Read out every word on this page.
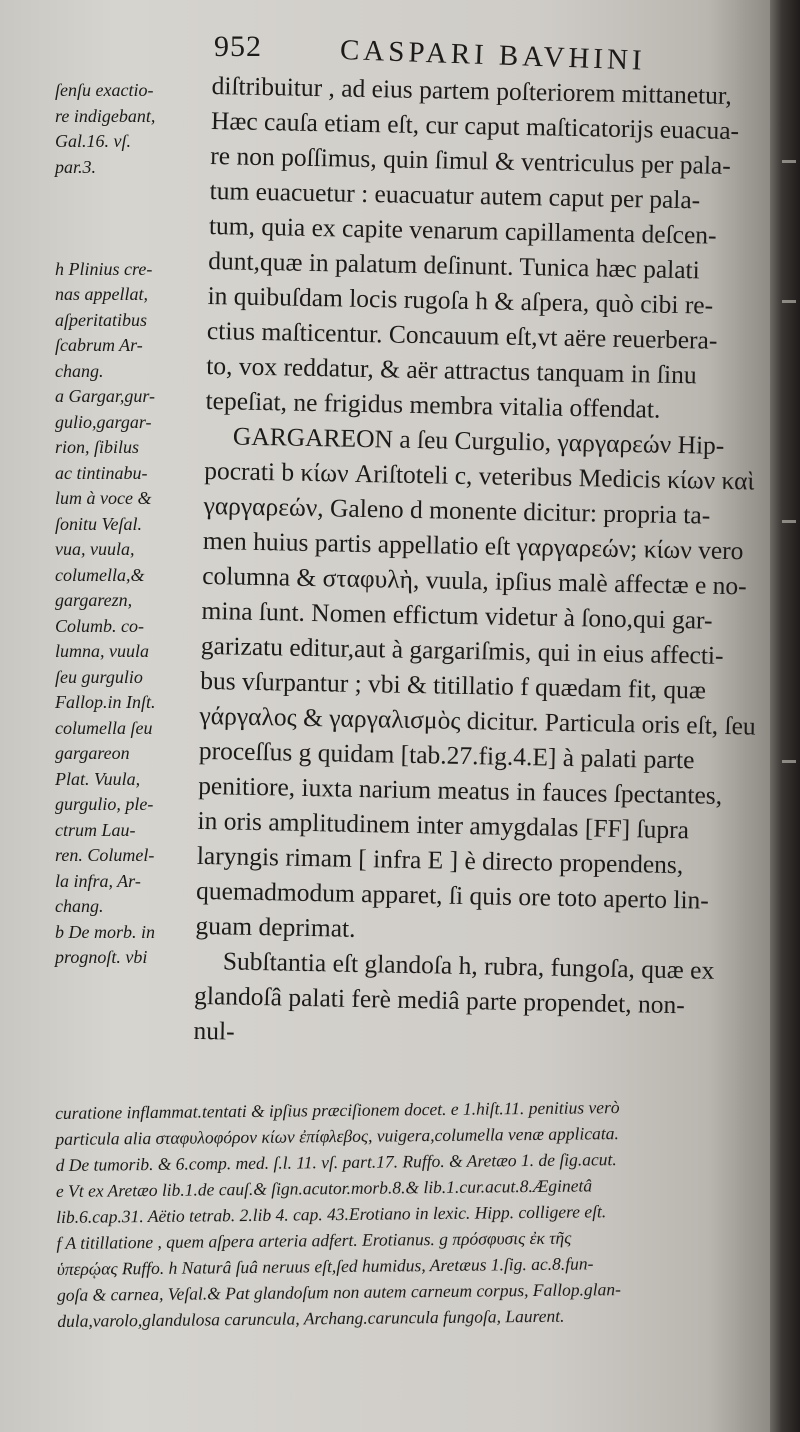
952	CASPARI BAVHINI
ſenſu exactio-
re indigebant,
Gal.16. vſ.
par.3.

h Plinius cre-
nas appellat,
aſperitatibus
ſcabrum Ar-
chang.
a Gargar,gur-
gulio,gargar-
rion, ſibilus
ac tintinabu-
lum à voce &
ſonitu Veſal.
vua, vuula,
columella,&
gargarezn,
Columb. co-
lumna, vuula
ſeu gurgulio
Fallop.in Inſt.
columella ſeu
gargareon
Plat. Vuula,
gurgulio, ple-
ctrum Lau-
ren. Columel-
la infra, Ar-
chang.
b De morb. in
prognoſt. vbi
diſtribuitur , ad eius partem poſteriorem mittanetur,
Hæc cauſa etiam eſt, cur caput maſticatorijs euacua-
re non poſſimus, quin ſimul & ventriculus per pala-
tum euacuetur : euacuatur autem caput per pala-
tum, quia ex capite venarum capillamenta deſcen-
dunt,quæ in palatum deſinunt. Tunica hæc palati
in quibuſdam locis rugoſa h & aſpera, quò cibi re-
ctius maſticentur. Concauum eſt,vt aëre reuerbera-
to, vox reddatur, & aër attractus tanquam in ſinu
tepeſiat, ne frigidus membra vitalia offendat.
GARGAREON a ſeu Curgulio, γαργαρεών Hip-
pocrati b κίων Ariſtoteli c, veteribus Medicis κίων καὶ
γαργαρεών, Galeno d monente dicitur: propria ta-
men huius partis appellatio eſt γαργαρεών; κίων vero
columna & σταφυλὴ, vuula, ipſius malè affectæ e no-
mina ſunt. Nomen effictum videtur à ſono,qui gar-
garizatu editur,aut à gargariſmis, qui in eius affecti-
bus vſurpantur ; vbi & titillatio f quædam fit, quæ
γάργαλος & γαργαλισμὸς dicitur. Particula oris eſt, ſeu
proceſſus g quidam [tab.27.fig.4.E] à palati parte
penitiore, iuxta narium meatus in fauces ſpectantes,
in oris amplitudinem inter amygdalas [FF] ſupra
laryngis rimam [ infra E ] è directo propendens,
quemadmodum apparet, ſi quis ore toto aperto lin-
guam deprimat.
Subſtantia eſt glandoſa h, rubra, fungoſa, quæ ex
glandoſâ palati ferè mediâ parte propendet, non-
nul-
curatione inflammat.tentati & ipſius præciſionem docet. e 1.hiſt.11. penitius verò
particula alia σταφυλοφόρον κίων ἐπίφλεβος, vuigera,columella venæ applicata.
d De tumorib. & 6.comp. med. ſ.l. 11. vſ. part.17. Ruffo. & Aretæo 1. de ſig.acut.
e Vt ex Aretæo lib.1.de cauſ.& ſign.acutor.morb.8.& lib.1.cur.acut.8.Æginetâ
lib.6.cap.31. Aëtio tetrab. 2.lib 4. cap. 43.Erotiano in lexic. Hipp. colligere eſt.
f A titillatione , quem aſpera arteria adfert. Erotianus. g πρόσφυσις ἐκ τῆς
ὑπερῴας Ruffo. h Naturâ ſuâ neruus eſt,ſed humidus, Aretæus 1.ſig. ac.8.fun-
goſa & carnea, Veſal.& Pat glandoſum non autem carneum corpus, Fallop.glan-
dula,varolo,glandulosa caruncula, Archang.caruncula fungoſa, Laurent.
